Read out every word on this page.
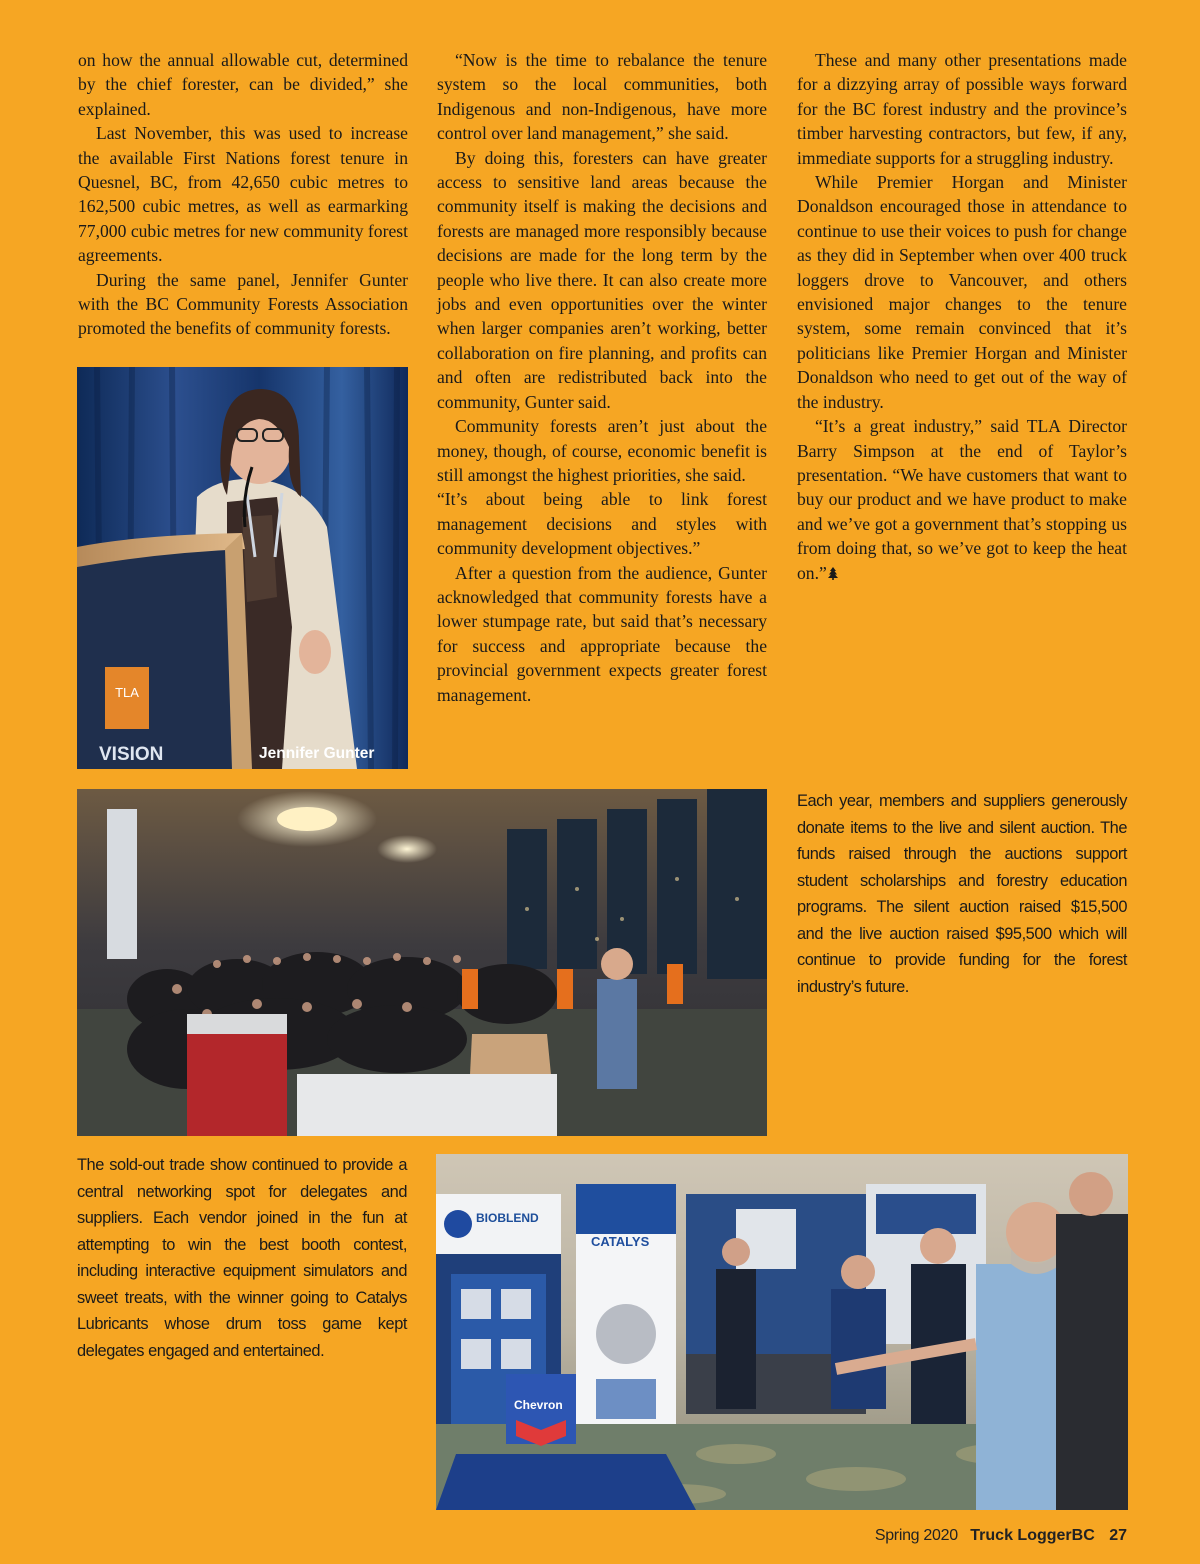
on how the annual allowable cut, determined by the chief forester, can be divided,” she explained.

Last November, this was used to increase the available First Nations forest tenure in Quesnel, BC, from 42,650 cubic metres to 162,500 cubic metres, as well as earmarking 77,000 cubic metres for new community forest agreements.

During the same panel, Jennifer Gunter with the BC Community Forests Association promoted the benefits of community forests.

“Now is the time to rebalance the tenure system so the local communities, both Indigenous and non-Indigenous, have more control over land management,” she said.

By doing this, foresters can have greater access to sensitive land areas because the community itself is making the decisions and forests are managed more responsibly because decisions are made for the long term by the people who live there. It can also create more jobs and even opportunities over the winter when larger companies aren’t working, better collaboration on fire planning, and profits can and often are redistributed back into the community, Gunter said.

Community forests aren’t just about the money, though, of course, economic benefit is still amongst the highest priorities, she said.

“It’s about being able to link forest management decisions and styles with community development objectives.”

After a question from the audience, Gunter acknowledged that community forests have a lower stumpage rate, but said that’s necessary for success and appropriate because the provincial government expects greater forest management.

These and many other presentations made for a dizzying array of possible ways forward for the BC forest industry and the province’s timber harvesting contractors, but few, if any, immediate supports for a struggling industry.

While Premier Horgan and Minister Donaldson encouraged those in attendance to continue to use their voices to push for change as they did in September when over 400 truck loggers drove to Vancouver, and others envisioned major changes to the tenure system, some remain convinced that it’s politicians like Premier Horgan and Minister Donaldson who need to get out of the way of the industry.

“It’s a great industry,” said TLA Director Barry Simpson at the end of Taylor’s presentation. “We have customers that want to buy our product and we have product to make and we’ve got a government that’s stopping us from doing that, so we’ve got to keep the heat on.”

TLA
VISION	Jennifer Gunter
Each year, members and suppliers generously donate items to the live and silent auction. The funds raised through the auctions support student scholarships and forestry education programs. The silent auction raised $15,500 and the live auction raised $95,500 which will continue to provide funding for the forest industry’s future.
The sold-out trade show continued to provide a central networking spot for delegates and suppliers. Each vendor joined in the fun at attempting to win the best booth contest, including interactive equipment simulators and sweet treats, with the winner going to Catalys Lubricants whose drum toss game kept delegates engaged and entertained.
BIOBLEND
CATALYS
Chevron
Spring 2020 Truck LoggerBC 27
